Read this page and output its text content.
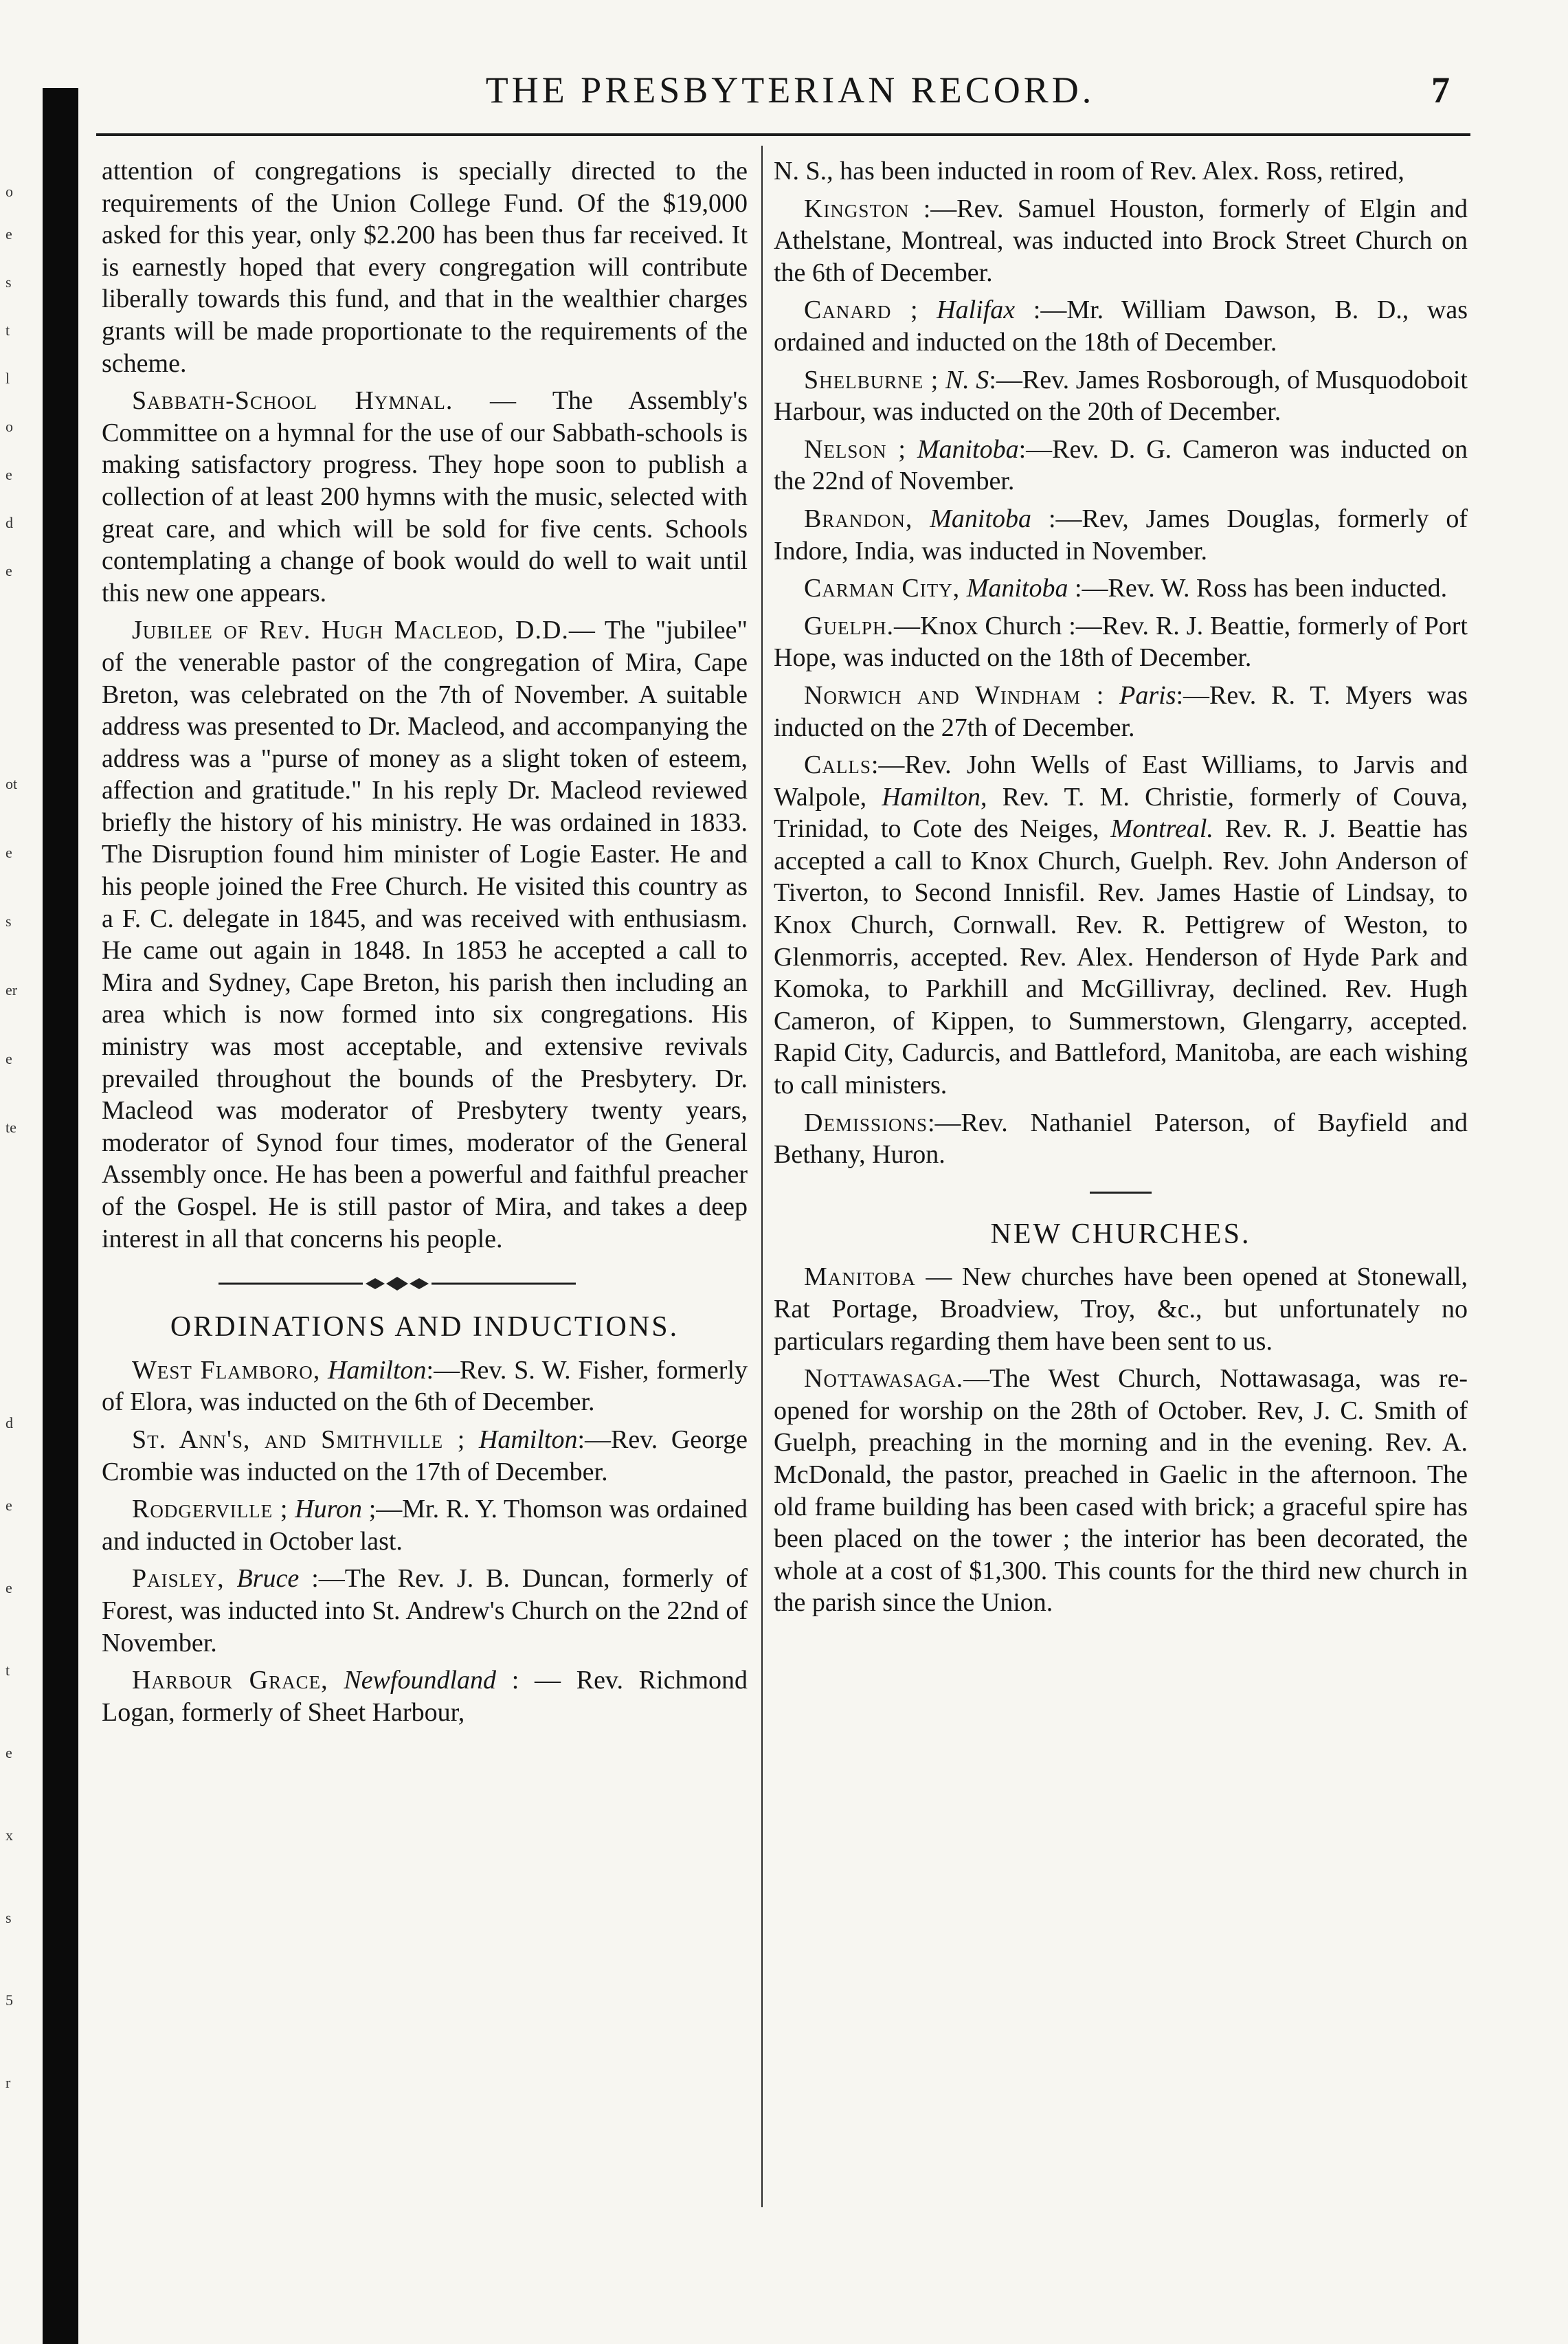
o
e
s
t
l
o
e
d
e
ot
e
s
er
e
te
d
e
e
t
e
x
s
5
r
THE PRESBYTERIAN RECORD.	7

attention of congregations is specially directed to the requirements of the Union College Fund. Of the $19,000 asked for this year, only $2.200 has been thus far received. It is earnestly hoped that every congregation will contribute liberally towards this fund, and that in the wealthier charges grants will be made proportionate to the requirements of the scheme.

Sabbath-School Hymnal. — The Assembly's Committee on a hymnal for the use of our Sabbath-schools is making satisfactory progress. They hope soon to publish a collection of at least 200 hymns with the music, selected with great care, and which will be sold for five cents. Schools contemplating a change of book would do well to wait until this new one appears.

Jubilee of Rev. Hugh Macleod, D.D.— The "jubilee" of the venerable pastor of the congregation of Mira, Cape Breton, was celebrated on the 7th of November. A suitable address was presented to Dr. Macleod, and accompanying the address was a "purse of money as a slight token of esteem, affection and gratitude." In his reply Dr. Macleod reviewed briefly the history of his ministry. He was ordained in 1833. The Disruption found him minister of Logie Easter. He and his people joined the Free Church. He visited this country as a F. C. delegate in 1845, and was received with enthusiasm. He came out again in 1848. In 1853 he accepted a call to Mira and Sydney, Cape Breton, his parish then including an area which is now formed into six congregations. His ministry was most acceptable, and extensive revivals prevailed throughout the bounds of the Presbytery. Dr. Macleod was moderator of Presbytery twenty years, moderator of Synod four times, moderator of the General Assembly once. He has been a powerful and faithful preacher of the Gospel. He is still pastor of Mira, and takes a deep interest in all that concerns his people.

ORDINATIONS AND INDUCTIONS.

West Flamboro, Hamilton:—Rev. S. W. Fisher, formerly of Elora, was inducted on the 6th of December.

St. Ann's, and Smithville ; Hamilton:—Rev. George Crombie was inducted on the 17th of December.

Rodgerville ; Huron ;—Mr. R. Y. Thomson was ordained and inducted in October last.

Paisley, Bruce :—The Rev. J. B. Duncan, formerly of Forest, was inducted into St. Andrew's Church on the 22nd of November.

Harbour Grace, Newfoundland : — Rev. Richmond Logan, formerly of Sheet Harbour,

N. S., has been inducted in room of Rev. Alex. Ross, retired,

Kingston :—Rev. Samuel Houston, formerly of Elgin and Athelstane, Montreal, was inducted into Brock Street Church on the 6th of December.

Canard ; Halifax :—Mr. William Dawson, B. D., was ordained and inducted on the 18th of December.

Shelburne ; N. S:—Rev. James Rosborough, of Musquodoboit Harbour, was inducted on the 20th of December.

Nelson ; Manitoba:—Rev. D. G. Cameron was inducted on the 22nd of November.

Brandon, Manitoba :—Rev, James Douglas, formerly of Indore, India, was inducted in November.

Carman City, Manitoba :—Rev. W. Ross has been inducted.

Guelph.—Knox Church :—Rev. R. J. Beattie, formerly of Port Hope, was inducted on the 18th of December.

Norwich and Windham : Paris:—Rev. R. T. Myers was inducted on the 27th of December.

Calls:—Rev. John Wells of East Williams, to Jarvis and Walpole, Hamilton, Rev. T. M. Christie, formerly of Couva, Trinidad, to Cote des Neiges, Montreal. Rev. R. J. Beattie has accepted a call to Knox Church, Guelph. Rev. John Anderson of Tiverton, to Second Innisfil. Rev. James Hastie of Lindsay, to Knox Church, Cornwall. Rev. R. Pettigrew of Weston, to Glenmorris, accepted. Rev. Alex. Henderson of Hyde Park and Komoka, to Parkhill and McGillivray, declined. Rev. Hugh Cameron, of Kippen, to Summerstown, Glengarry, accepted. Rapid City, Cadurcis, and Battleford, Manitoba, are each wishing to call ministers.

Demissions:—Rev. Nathaniel Paterson, of Bayfield and Bethany, Huron.

NEW CHURCHES.

Manitoba — New churches have been opened at Stonewall, Rat Portage, Broadview, Troy, &c., but unfortunately no particulars regarding them have been sent to us.

Nottawasaga.—The West Church, Nottawasaga, was re-opened for worship on the 28th of October. Rev, J. C. Smith of Guelph, preaching in the morning and in the evening. Rev. A. McDonald, the pastor, preached in Gaelic in the afternoon. The old frame building has been cased with brick; a graceful spire has been placed on the tower ; the interior has been decorated, the whole at a cost of $1,300. This counts for the third new church in the parish since the Union.
